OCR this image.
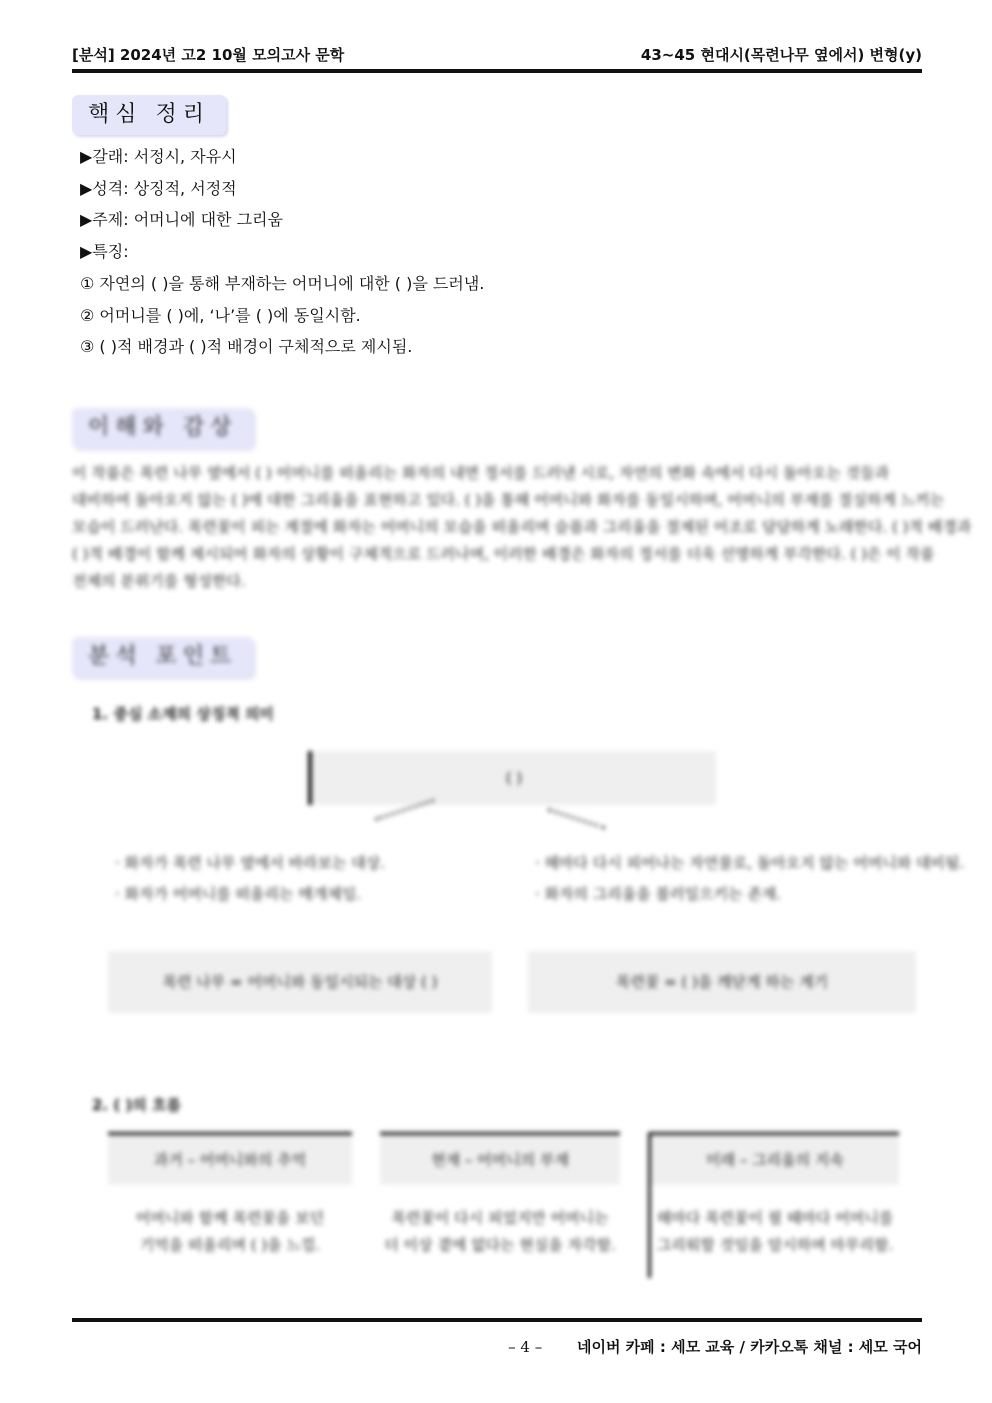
[분석] 2024년 고2 10월 모의고사 문학	43~45 현대시(목련나무 옆에서) 변형(y)
핵심 정리
▶갈래: 서정시, 자유시
▶성격: 상징적, 서정적
▶주제: 어머니에 대한 그리움
▶특징:
① 자연의 ( )을 통해 부재하는 어머니에 대한 ( )을 드러냄.
② 어머니를 ( )에, ‘나’를 ( )에 동일시함.
③ ( )적 배경과 ( )적 배경이 구체적으로 제시됨.
이해와 감상
이 작품은 목련 나무 옆에서 ( ) 어머니를 떠올리는 화자의 내면 정서를 드러낸 시로, 자연의 변화 속에서 다시 돌아오는 것들과
대비하여 돌아오지 않는 ( )에 대한 그리움을 표현하고 있다. ( )을 통해 어머니와 화자를 동일시하며, 어머니의 부재를 절실하게 느끼는
모습이 드러난다. 목련꽃이 피는 계절에 화자는 어머니의 모습을 떠올리며 슬픔과 그리움을 절제된 어조로 담담하게 노래한다. ( )적 배경과
( )적 배경이 함께 제시되어 화자의 상황이 구체적으로 드러나며, 이러한 배경은 화자의 정서를 더욱 선명하게 부각한다. ( )은 이 작품
전체의 분위기를 형성한다.
분석 포인트
1. 중심 소재의 상징적 의미
( )
· 화자가 목련 나무 옆에서 바라보는 대상.
· 화자가 어머니를 떠올리는 매개체임.
· 해마다 다시 피어나는 자연물로, 돌아오지 않는 어머니와 대비됨.
· 화자의 그리움을 불러일으키는 존재.
목련 나무 = 어머니와 동일시되는 대상 ( )	목련꽃 = ( )을 깨닫게 하는 계기
2. ( )의 흐름
과거 – 어머니와의 추억
어머니와 함께 목련꽃을 보던
기억을 떠올리며 ( )을 느낌.
현재 – 어머니의 부재
목련꽃이 다시 피었지만 어머니는
더 이상 곁에 없다는 현실을 자각함.
미래 – 그리움의 지속
해마다 목련꽃이 필 때마다 어머니를
그리워할 것임을 암시하며 마무리함.
– 4 – 네이버 카페 : 세모 교육 / 카카오톡 채널 : 세모 국어
